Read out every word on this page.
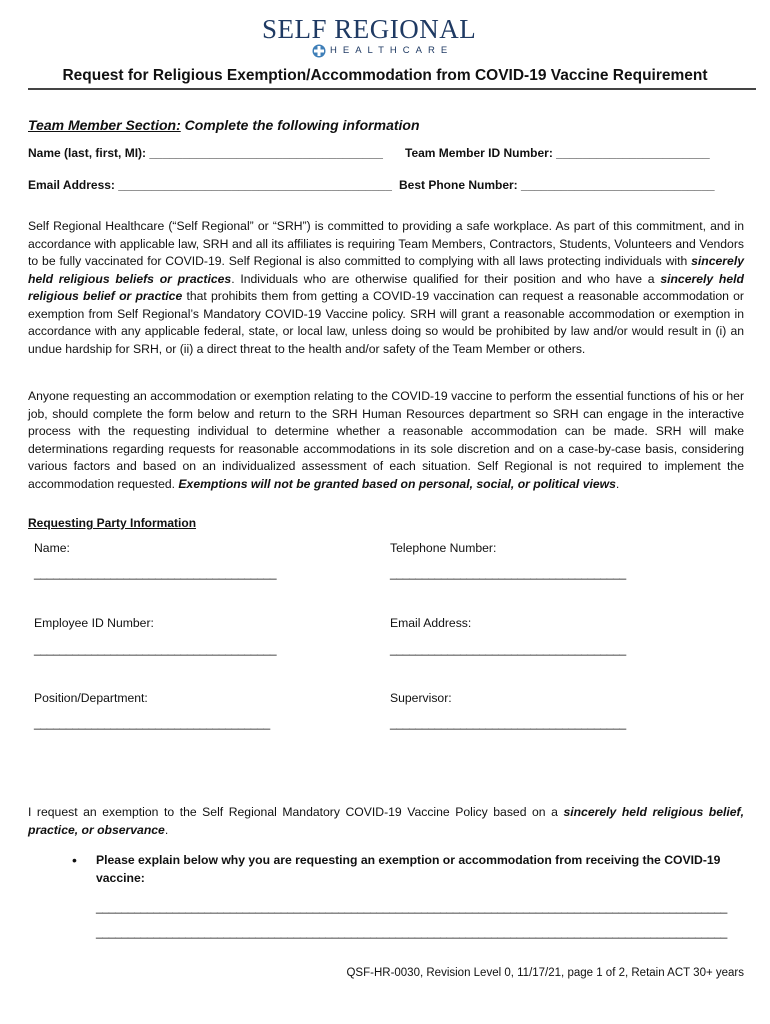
SELF REGIONAL
HEALTHCARE
Request for Religious Exemption/Accommodation from COVID-19 Vaccine Requirement
Team Member Section: Complete the following information
Name (last, first, MI): ___________________________________ Team Member ID Number: _______________________
Email Address: _________________________________________ Best Phone Number: _____________________________
Self Regional Healthcare (“Self Regional” or “SRH”) is committed to providing a safe workplace. As part of this commitment, and in accordance with applicable law, SRH and all its affiliates is requiring Team Members, Contractors, Students, Volunteers and Vendors to be fully vaccinated for COVID-19. Self Regional is also committed to complying with all laws protecting individuals with sincerely held religious beliefs or practices. Individuals who are otherwise qualified for their position and who have a sincerely held religious belief or practice that prohibits them from getting a COVID-19 vaccination can request a reasonable accommodation or exemption from Self Regional’s Mandatory COVID-19 Vaccine policy. SRH will grant a reasonable accommodation or exemption in accordance with any applicable federal, state, or local law, unless doing so would be prohibited by law and/or would result in (i) an undue hardship for SRH, or (ii) a direct threat to the health and/or safety of the Team Member or others.
Anyone requesting an accommodation or exemption relating to the COVID-19 vaccine to perform the essential functions of his or her job, should complete the form below and return to the SRH Human Resources department so SRH can engage in the interactive process with the requesting individual to determine whether a reasonable accommodation can be made. SRH will make determinations regarding requests for reasonable accommodations in its sole discretion and on a case-by-case basis, considering various factors and based on an individualized assessment of each situation. Self Regional is not required to implement the accommodation requested. Exemptions will not be granted based on personal, social, or political views.
Requesting Party Information
Name:	Telephone Number:
______________________________________	_____________________________________
Employee ID Number:	Email Address:
______________________________________	_____________________________________
Position/Department:	Supervisor:
_____________________________________	_____________________________________
I request an exemption to the Self Regional Mandatory COVID-19 Vaccine Policy based on a sincerely held religious belief, practice, or observance.
• Please explain below why you are requesting an exemption or accommodation from receiving the COVID-19 vaccine:
___________________________________________________________________________________________________
___________________________________________________________________________________________________
QSF-HR-0030, Revision Level 0, 11/17/21, page 1 of 2, Retain ACT 30+ years
